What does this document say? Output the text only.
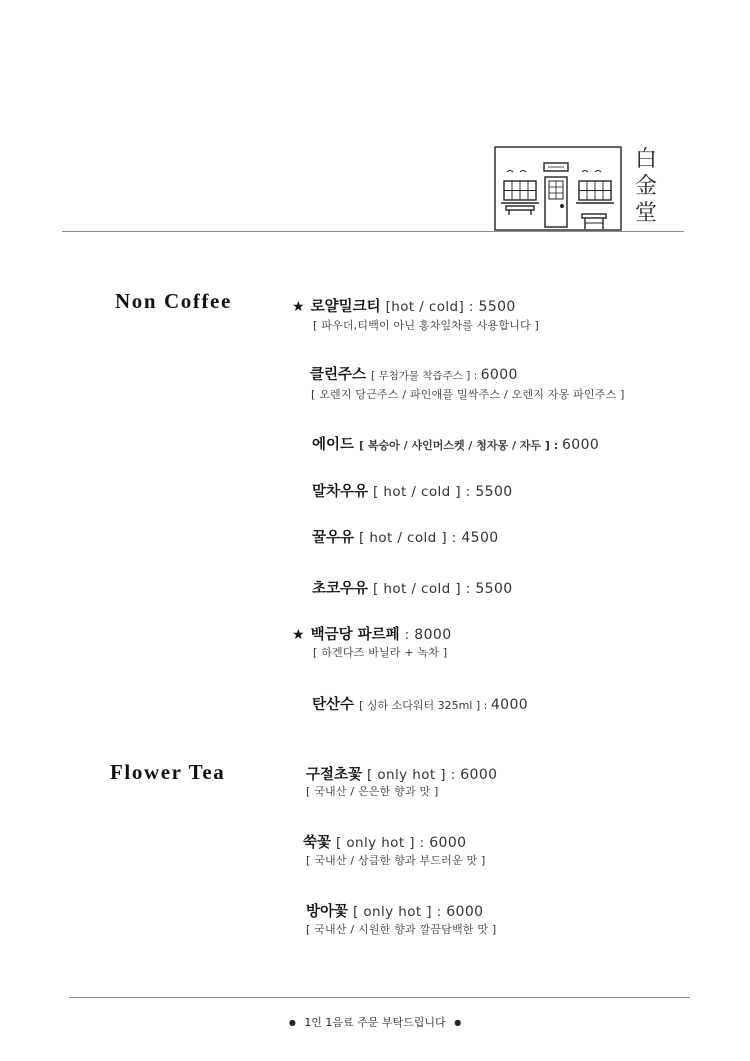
白
金
堂
Non Coffee	★ 로얄밀크티 [hot / cold] : 5500
[ 파우더,티백이 아닌 홍차잎차를 사용합니다 ]
클린주스 [ 무첨가물 착즙주스 ] : 6000
[ 오렌지 당근주스 / 파인애플 밀싹주스 / 오렌지 자몽 파인주스 ]
에이드 [ 복숭아 / 샤인머스켓 / 청자몽 / 자두 ] : 6000
말차우유 [ hot / cold ] : 5500
꿀우유 [ hot / cold ] : 4500
초코우유 [ hot / cold ] : 5500
★ 백금당 파르페 : 8000
[ 하겐다즈 바닐라 + 녹차 ]
탄산수 [ 싱하 소다워터 325ml ] : 4000
Flower Tea	구절초꽃 [ only hot ] : 6000
[ 국내산 / 은은한 향과 맛 ]
쑥꽃 [ only hot ] : 6000
[ 국내산 / 상큼한 향과 부드러운 맛 ]
방아꽃 [ only hot ] : 6000
[ 국내산 / 시원한 향과 깔끔담백한 맛 ]
● 1인 1음료 주문 부탁드립니다 ●
